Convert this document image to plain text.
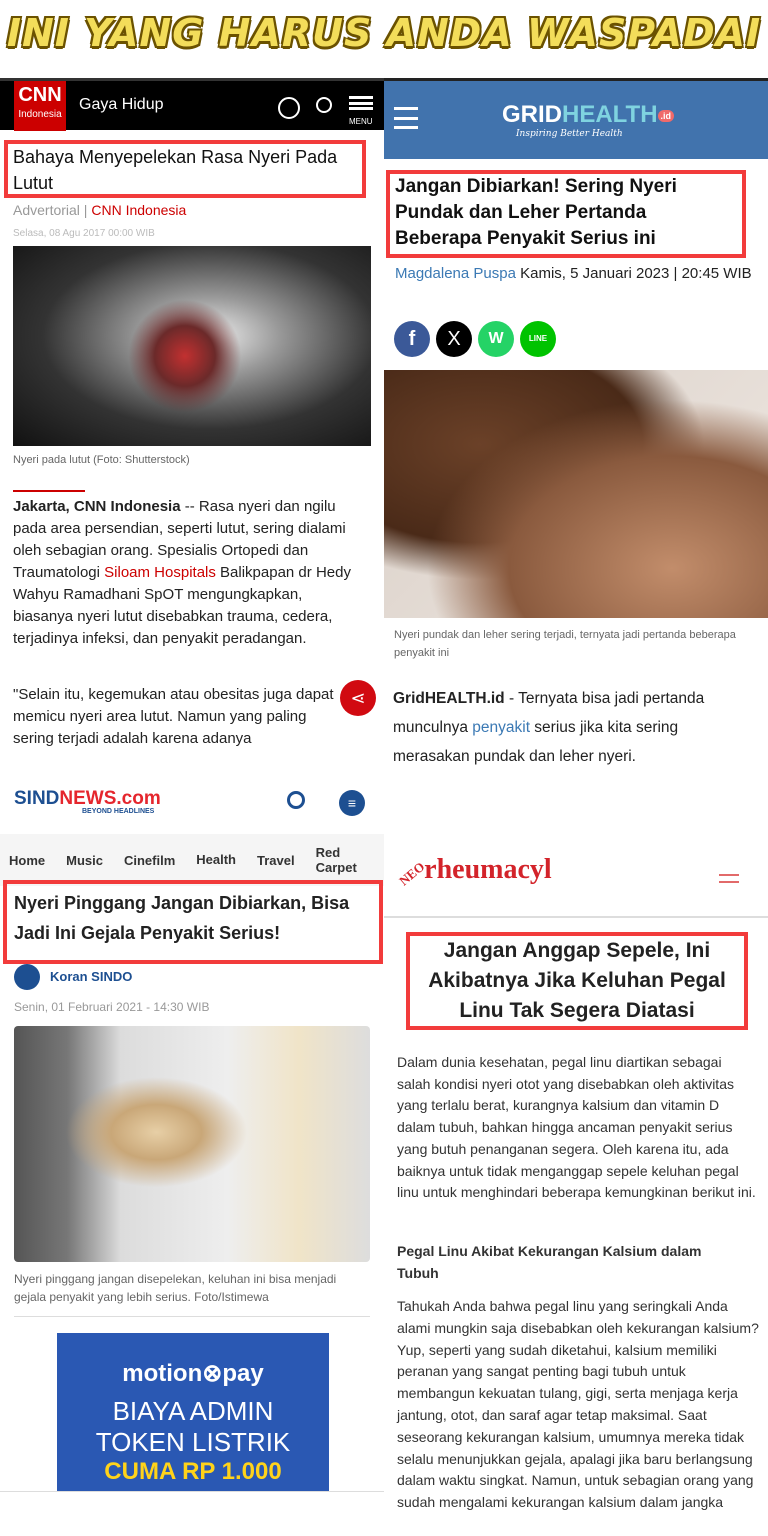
INI YANG HARUS ANDA WASPADAI
CNN
Indonesia
Gaya Hidup
MENU
Bahaya Menyepelekan Rasa Nyeri Pada Lutut
Advertorial | CNN Indonesia
Selasa, 08 Agu 2017 00:00 WIB
Nyeri pada lutut (Foto: Shutterstock)
Jakarta, CNN Indonesia -- Rasa nyeri dan ngilu pada area persendian, seperti lutut, sering dialami oleh sebagian orang. Spesialis Ortopedi dan Traumatologi Siloam Hospitals Balikpapan dr Hedy Wahyu Ramadhani SpOT mengungkapkan, biasanya nyeri lutut disebabkan trauma, cedera, terjadinya infeksi, dan penyakit peradangan.
"Selain itu, kegemukan atau obesitas juga dapat memicu nyeri area lutut. Namun yang paling sering terjadi adalah karena adanya
⋖
GRIDHEALTH .id
Inspiring Better Health
Jangan Dibiarkan! Sering Nyeri Pundak dan Leher Pertanda Beberapa Penyakit Serius ini
Magdalena Puspa Kamis, 5 Januari 2023 | 20:45 WIB
f	X	W	LINE
Nyeri pundak dan leher sering terjadi, ternyata jadi pertanda beberapa penyakit ini
GridHEALTH.id - Ternyata bisa jadi pertanda munculnya penyakit serius jika kita sering merasakan pundak dan leher nyeri.
SINDNEWS.com
BEYOND HEADLINES
≡
Home Music Cinefilm	Health	Travel Red Carpet
Nyeri Pinggang Jangan Dibiarkan, Bisa Jadi Ini Gejala Penyakit Serius!
Koran SINDO
Senin, 01 Februari 2021 - 14:30 WIB
Nyeri pinggang jangan disepelekan, keluhan ini bisa menjadi gejala penyakit yang lebih serius. Foto/Istimewa
motion⊗pay
BIAYA ADMIN
TOKEN LISTRIK
CUMA RP 1.000
NEOrheumacyl
Jangan Anggap Sepele, Ini Akibatnya Jika Keluhan Pegal Linu Tak Segera Diatasi
Dalam dunia kesehatan, pegal linu diartikan sebagai salah kondisi nyeri otot yang disebabkan oleh aktivitas yang terlalu berat, kurangnya kalsium dan vitamin D dalam tubuh, bahkan hingga ancaman penyakit serius yang butuh penanganan segera. Oleh karena itu, ada baiknya untuk tidak menganggap sepele keluhan pegal linu untuk menghindari beberapa kemungkinan berikut ini.
Pegal Linu Akibat Kekurangan Kalsium dalam Tubuh
Tahukah Anda bahwa pegal linu yang seringkali Anda alami mungkin saja disebabkan oleh kekurangan kalsium? Yup, seperti yang sudah diketahui, kalsium memiliki peranan yang sangat penting bagi tubuh untuk membangun kekuatan tulang, gigi, serta menjaga kerja jantung, otot, dan saraf agar tetap maksimal. Saat seseorang kekurangan kalsium, umumnya mereka tidak selalu menunjukkan gejala, apalagi jika baru berlangsung dalam waktu singkat. Namun, untuk sebagian orang yang sudah mengalami kekurangan kalsium dalam jangka
